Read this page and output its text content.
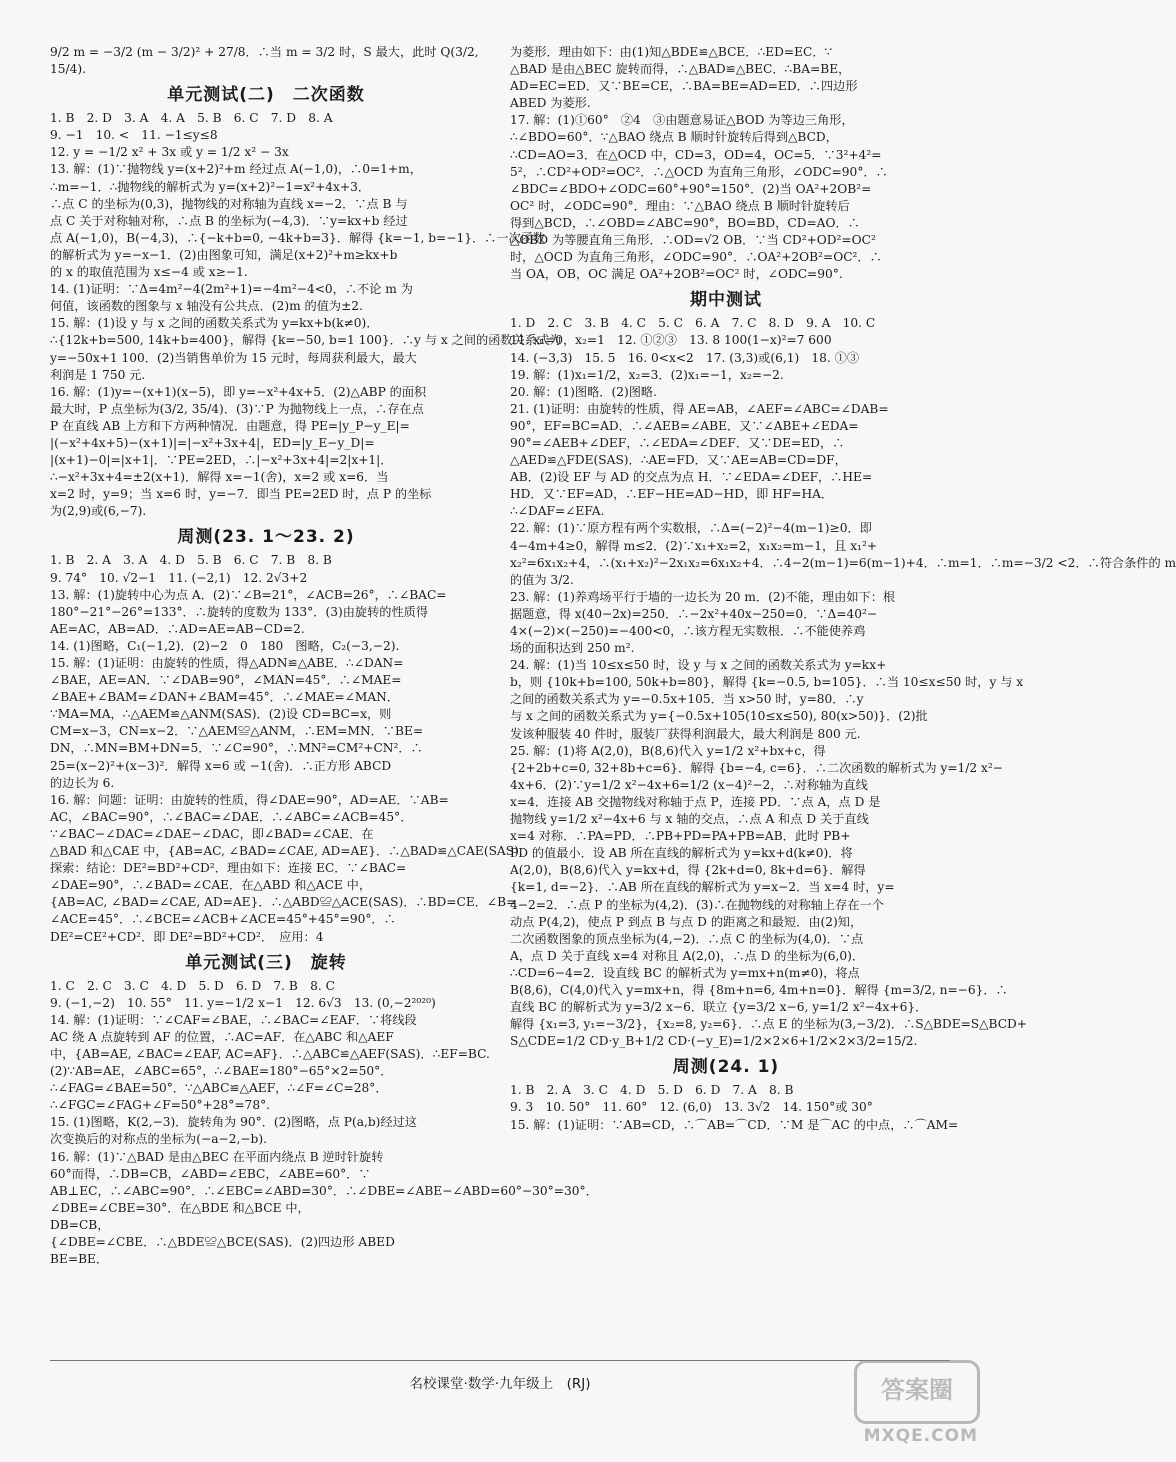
9/2 m = −3/2 (m − 3/2)² + 27/8．∴当 m = 3/2 时，S 最大，此时 Q(3/2,
15/4).
单元测试(二)　二次函数
1. B　2. D　3. A　4. A　5. B　6. C　7. D　8. A
9. −1　10. <　11. −1≤y≤8
12. y = −1/2 x² + 3x 或 y = 1/2 x² − 3x
13. 解：(1)∵抛物线 y=(x+2)²+m 经过点 A(−1,0)，∴0=1+m，
∴m=−1．∴抛物线的解析式为 y=(x+2)²−1=x²+4x+3．
∴点 C 的坐标为(0,3)，抛物线的对称轴为直线 x=−2．∵点 B 与
点 C 关于对称轴对称，∴点 B 的坐标为(−4,3)．∵y=kx+b 经过
点 A(−1,0)，B(−4,3)，∴{−k+b=0, −4k+b=3}．解得 {k=−1, b=−1}．∴一次函数
的解析式为 y=−x−1．(2)由图象可知，满足(x+2)²+m≥kx+b
的 x 的取值范围为 x≤−4 或 x≥−1.
14. (1)证明：∵Δ=4m²−4(2m²+1)=−4m²−4<0，∴不论 m 为
何值，该函数的图象与 x 轴没有公共点．(2)m 的值为±2.
15. 解：(1)设 y 与 x 之间的函数关系式为 y=kx+b(k≠0)．
∴{12k+b=500, 14k+b=400}，解得 {k=−50, b=1 100}．∴y 与 x 之间的函数关系式为
y=−50x+1 100．(2)当销售单价为 15 元时，每周获利最大，最大
利润是 1 750 元.
16. 解：(1)y=−(x+1)(x−5)，即 y=−x²+4x+5．(2)△ABP 的面积
最大时，P 点坐标为(3/2, 35/4)．(3)∵P 为抛物线上一点，∴存在点
P 在直线 AB 上方和下方两种情况．由题意，得 PE=|y_P−y_E|=
|(−x²+4x+5)−(x+1)|=|−x²+3x+4|，ED=|y_E−y_D|=
|(x+1)−0|=|x+1|．∵PE=2ED，∴|−x²+3x+4|=2|x+1|．
∴−x²+3x+4=±2(x+1)．解得 x=−1(舍)，x=2 或 x=6．当
x=2 时，y=9；当 x=6 时，y=−7．即当 PE=2ED 时，点 P 的坐标
为(2,9)或(6,−7).
周测(23. 1～23. 2)
1. B　2. A　3. A　4. D　5. B　6. C　7. B　8. B
9. 74°　10. √2−1　11. (−2,1)　12. 2√3+2
13. 解：(1)旋转中心为点 A．(2)∵∠B=21°，∠ACB=26°，∴∠BAC=
180°−21°−26°=133°．∴旋转的度数为 133°．(3)由旋转的性质得
AE=AC，AB=AD．∴AD=AE=AB−CD=2.
14. (1)图略，C₁(−1,2)．(2)−2　0　180　图略，C₂(−3,−2).
15. 解：(1)证明：由旋转的性质，得△ADN≌△ABE．∴∠DAN=
∠BAE，AE=AN．∵∠DAB=90°，∠MAN=45°．∴∠MAE=
∠BAE+∠BAM=∠DAN+∠BAM=45°．∴∠MAE=∠MAN．
∵MA=MA，∴△AEM≌△ANM(SAS)．(2)设 CD=BC=x，则
CM=x−3，CN=x−2．∵△AEM≌△ANM，∴EM=MN．∵BE=
DN，∴MN=BM+DN=5．∵∠C=90°，∴MN²=CM²+CN²．∴
25=(x−2)²+(x−3)²．解得 x=6 或 −1(舍)．∴正方形 ABCD
的边长为 6.
16. 解：问题：证明：由旋转的性质，得∠DAE=90°，AD=AE．∵AB=
AC，∠BAC=90°，∴∠BAC=∠DAE．∴∠ABC=∠ACB=45°．
∵∠BAC−∠DAC=∠DAE−∠DAC，即∠BAD=∠CAE．在
△BAD 和△CAE 中，{AB=AC, ∠BAD=∠CAE, AD=AE}．∴△BAD≌△CAE(SAS).
探索：结论：DE²=BD²+CD²．理由如下：连接 EC．∵∠BAC=
∠DAE=90°，∴∠BAD=∠CAE．在△ABD 和△ACE 中，
{AB=AC, ∠BAD=∠CAE, AD=AE}．∴△ABD≌△ACE(SAS)．∴BD=CE．∠B=
∠ACE=45°．∴∠BCE=∠ACB+∠ACE=45°+45°=90°．∴
DE²=CE²+CD²．即 DE²=BD²+CD²．　应用：4
单元测试(三)　旋转
1. C　2. C　3. C　4. D　5. D　6. D　7. B　8. C
9. (−1,−2)　10. 55°　11. y=−1/2 x−1　12. 6√3　13. (0,−2²⁰²⁰)
14. 解：(1)证明：∵∠CAF=∠BAE，∴∠BAC=∠EAF．∵将线段
AC 绕 A 点旋转到 AF 的位置，∴AC=AF．在△ABC 和△AEF
中，{AB=AE, ∠BAC=∠EAF, AC=AF}．∴△ABC≌△AEF(SAS)．∴EF=BC.
(2)∵AB=AE，∠ABC=65°，∴∠BAE=180°−65°×2=50°．
∴∠FAG=∠BAE=50°．∵△ABC≌△AEF，∴∠F=∠C=28°．
∴∠FGC=∠FAG+∠F=50°+28°=78°.
15. (1)图略，K(2,−3)．旋转角为 90°．(2)图略，点 P(a,b)经过这
次变换后的对称点的坐标为(−a−2,−b).
16. 解：(1)∵△BAD 是由△BEC 在平面内绕点 B 逆时针旋转
60°而得，∴DB=CB，∠ABD=∠EBC，∠ABE=60°．∵
AB⊥EC，∴∠ABC=90°．∴∠EBC=∠ABD=30°．∴∠DBE=∠ABE−∠ABD=60°−30°=30°．
∠DBE=∠CBE=30°．在△BDE 和△BCE 中，
DB=CB，
{∠DBE=∠CBE．∴△BDE≌△BCE(SAS)．(2)四边形 ABED
BE=BE．
为菱形．理由如下：由(1)知△BDE≌△BCE．∴ED=EC．∵
△BAD 是由△BEC 旋转而得，∴△BAD≌△BEC．∴BA=BE，
AD=EC=ED．又∵BE=CE，∴BA=BE=AD=ED．∴四边形
ABED 为菱形.
17. 解：(1)①60°　②4　③由题意易证△BOD 为等边三角形，
∴∠BDO=60°．∵△BAO 绕点 B 顺时针旋转后得到△BCD，
∴CD=AO=3．在△OCD 中，CD=3，OD=4，OC=5．∵3²+4²=
5²，∴CD²+OD²=OC²．∴△OCD 为直角三角形，∠ODC=90°．∴
∠BDC=∠BDO+∠ODC=60°+90°=150°．(2)当 OA²+2OB²=
OC² 时，∠ODC=90°．理由：∵△BAO 绕点 B 顺时针旋转后
得到△BCD，∴∠OBD=∠ABC=90°，BO=BD，CD=AO．∴
△OBD 为等腰直角三角形．∴OD=√2 OB．∵当 CD²+OD²=OC²
时，△OCD 为直角三角形，∠ODC=90°．∴OA²+2OB²=OC²．∴
当 OA，OB，OC 满足 OA²+2OB²=OC² 时，∠ODC=90°.
期中测试
1. D　2. C　3. B　4. C　5. C　6. A　7. C　8. D　9. A　10. C
11. x₁=0，x₂=1　12. ①②③　13. 8 100(1−x)²=7 600
14. (−3,3)　15. 5　16. 0<x<2　17. (3,3)或(6,1)　18. ①③
19. 解：(1)x₁=1/2，x₂=3．(2)x₁=−1，x₂=−2.
20. 解：(1)图略．(2)图略.
21. (1)证明：由旋转的性质，得 AE=AB，∠AEF=∠ABC=∠DAB=
90°，EF=BC=AD．∴∠AEB=∠ABE．又∵∠ABE+∠EDA=
90°=∠AEB+∠DEF，∴∠EDA=∠DEF．又∵DE=ED，∴
△AED≌△FDE(SAS)．∴AE=FD．又∵AE=AB=CD=DF，
AB．(2)设 EF 与 AD 的交点为点 H．∵∠EDA=∠DEF，∴HE=
HD．又∵EF=AD，∴EF−HE=AD−HD，即 HF=HA．
∴∠DAF=∠EFA.
22. 解：(1)∵原方程有两个实数根，∴Δ=(−2)²−4(m−1)≥0．即
4−4m+4≥0，解得 m≤2．(2)∵x₁+x₂=2，x₁x₂=m−1，且 x₁²+
x₂²=6x₁x₂+4，∴(x₁+x₂)²−2x₁x₂=6x₁x₂+4．∴4−2(m−1)=6(m−1)+4．∴m=1．∴m=−3/2 <2．∴符合条件的 m
的值为 3/2.
23. 解：(1)养鸡场平行于墙的一边长为 20 m．(2)不能，理由如下：根
据题意，得 x(40−2x)=250．∴−2x²+40x−250=0．∵Δ=40²−
4×(−2)×(−250)=−400<0，∴该方程无实数根．∴不能使养鸡
场的面积达到 250 m².
24. 解：(1)当 10≤x≤50 时，设 y 与 x 之间的函数关系式为 y=kx+
b，则 {10k+b=100, 50k+b=80}，解得 {k=−0.5, b=105}．∴当 10≤x≤50 时，y 与 x
之间的函数关系式为 y=−0.5x+105．当 x>50 时，y=80．∴y
与 x 之间的函数关系式为 y={−0.5x+105(10≤x≤50), 80(x>50)}．(2)批
发该种服装 40 件时，服装厂获得利润最大，最大利润是 800 元.
25. 解：(1)将 A(2,0)，B(8,6)代入 y=1/2 x²+bx+c，得
{2+2b+c=0, 32+8b+c=6}．解得 {b=−4, c=6}．∴二次函数的解析式为 y=1/2 x²−
4x+6．(2)∵y=1/2 x²−4x+6=1/2 (x−4)²−2，∴对称轴为直线
x=4．连接 AB 交抛物线对称轴于点 P，连接 PD．∵点 A，点 D 是
抛物线 y=1/2 x²−4x+6 与 x 轴的交点，∴点 A 和点 D 关于直线
x=4 对称．∴PA=PD．∴PB+PD=PA+PB=AB．此时 PB+
PD 的值最小．设 AB 所在直线的解析式为 y=kx+d(k≠0)．将
A(2,0)，B(8,6)代入 y=kx+d，得 {2k+d=0, 8k+d=6}．解得
{k=1, d=−2}．∴AB 所在直线的解析式为 y=x−2．当 x=4 时，y=
4−2=2．∴点 P 的坐标为(4,2)．(3)∴在抛物线的对称轴上存在一个
动点 P(4,2)，使点 P 到点 B 与点 D 的距离之和最短．由(2)知，
二次函数图象的顶点坐标为(4,−2)．∴点 C 的坐标为(4,0)．∵点
A，点 D 关于直线 x=4 对称且 A(2,0)，∴点 D 的坐标为(6,0)．
∴CD=6−4=2．设直线 BC 的解析式为 y=mx+n(m≠0)，将点
B(8,6)，C(4,0)代入 y=mx+n，得 {8m+n=6, 4m+n=0}．解得 {m=3/2, n=−6}．∴
直线 BC 的解析式为 y=3/2 x−6．联立 {y=3/2 x−6, y=1/2 x²−4x+6}．
解得 {x₁=3, y₁=−3/2}，{x₂=8, y₂=6}．∴点 E 的坐标为(3,−3/2)．∴S△BDE=S△BCD+
S△CDE=1/2 CD·y_B+1/2 CD·(−y_E)=1/2×2×6+1/2×2×3/2=15/2.
周测(24. 1)
1. B　2. A　3. C　4. D　5. D　6. D　7. A　8. B
9. 3　10. 50°　11. 60°　12. (6,0)　13. 3√2　14. 150°或 30°
15. 解：(1)证明：∵AB=CD，∴⌒AB=⌒CD．∵M 是⌒AC 的中点，∴⌒AM=
名校课堂·数学·九年级上　(RJ)	答案圈
MXQE.COM
